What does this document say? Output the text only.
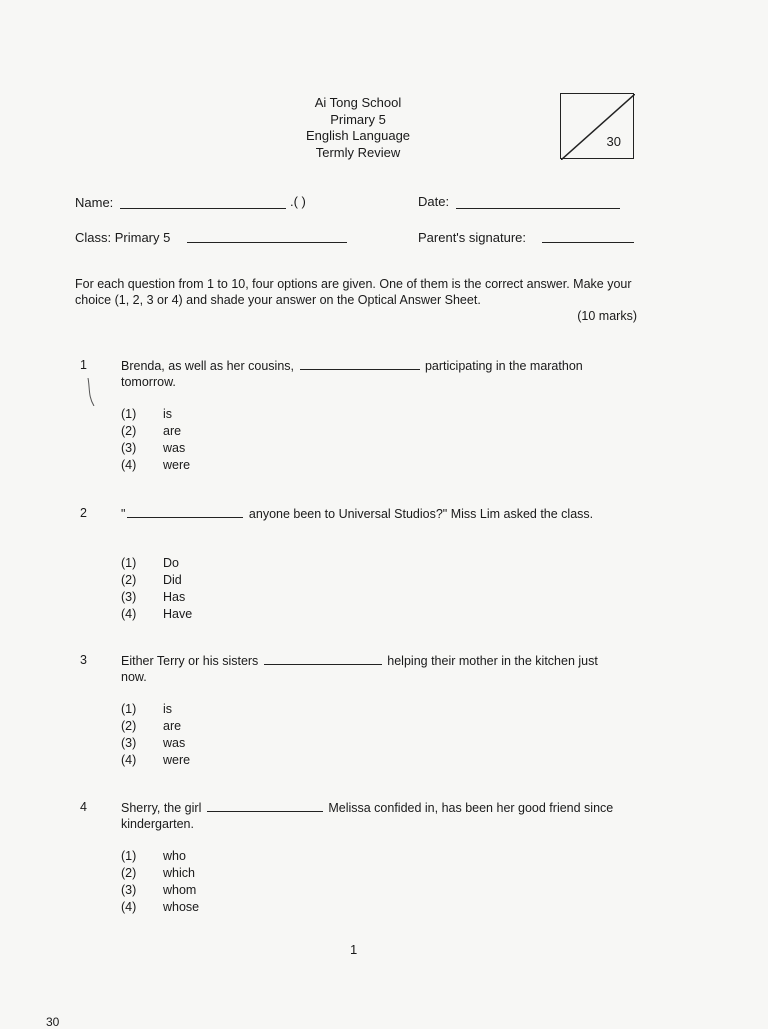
Ai Tong School
Primary 5
English Language
Termly Review
30
Name:	.( )	Date:
Class: Primary 5	Parent's signature:
For each question from 1 to 10, four options are given. One of them is the correct answer. Make your choice (1, 2, 3 or 4) and shade your answer on the Optical Answer Sheet.
(10 marks)
1	Brenda, as well as her cousins,	participating in the marathon tomorrow.
(1) is
(2) are
(3) was
(4) were
2	"	anyone been to Universal Studios?" Miss Lim asked the class.
(1) Do
(2) Did
(3) Has
(4) Have
3	Either Terry or his sisters	helping their mother in the kitchen just now.
(1) is
(2) are
(3) was
(4) were
4	Sherry, the girl	Melissa confided in, has been her good friend since kindergarten.
(1) who
(2) which
(3) whom
(4) whose
1
30
